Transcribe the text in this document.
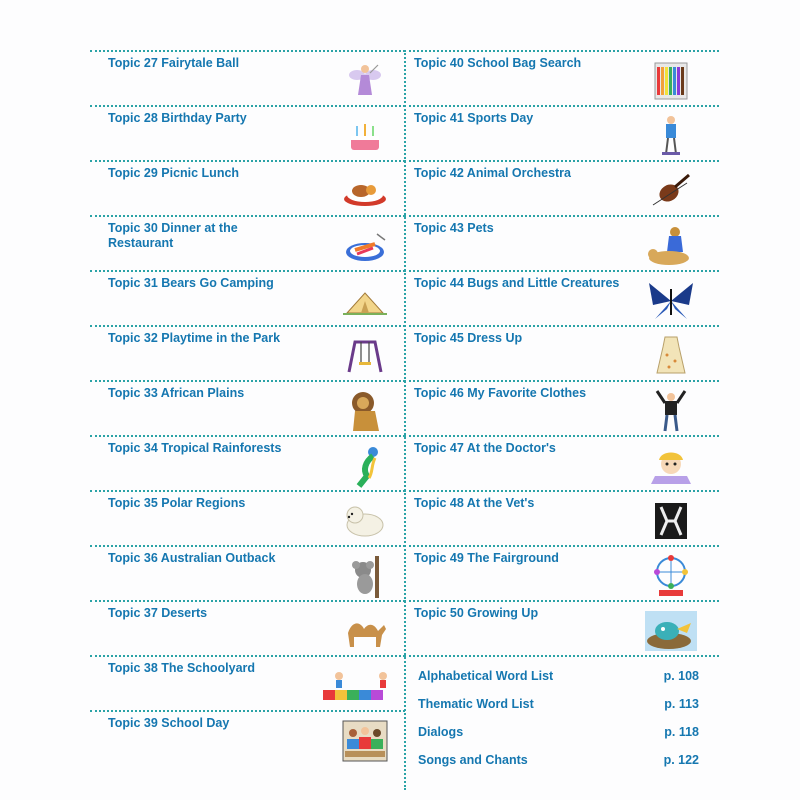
Topic 27 Fairytale Ball
Topic 28 Birthday Party
Topic 29 Picnic Lunch
Topic 30 Dinner at the Restaurant
Topic 31 Bears Go Camping
Topic 32 Playtime in the Park
Topic 33 African Plains
Topic 34 Tropical Rainforests
Topic 35 Polar Regions
Topic 36 Australian Outback
Topic 37 Deserts
Topic 38 The Schoolyard
Topic 39 School Day
Topic 40 School Bag Search
Topic 41 Sports Day
Topic 42 Animal Orchestra
Topic 43 Pets
Topic 44 Bugs and Little Creatures
Topic 45 Dress Up
Topic 46 My Favorite Clothes
Topic 47 At the Doctor's
Topic 48 At the Vet's
Topic 49 The Fairground
Topic 50 Growing Up
Alphabetical Word List	p. 108
Thematic Word List	p. 113
Dialogs	p. 118
Songs and Chants	p. 122
